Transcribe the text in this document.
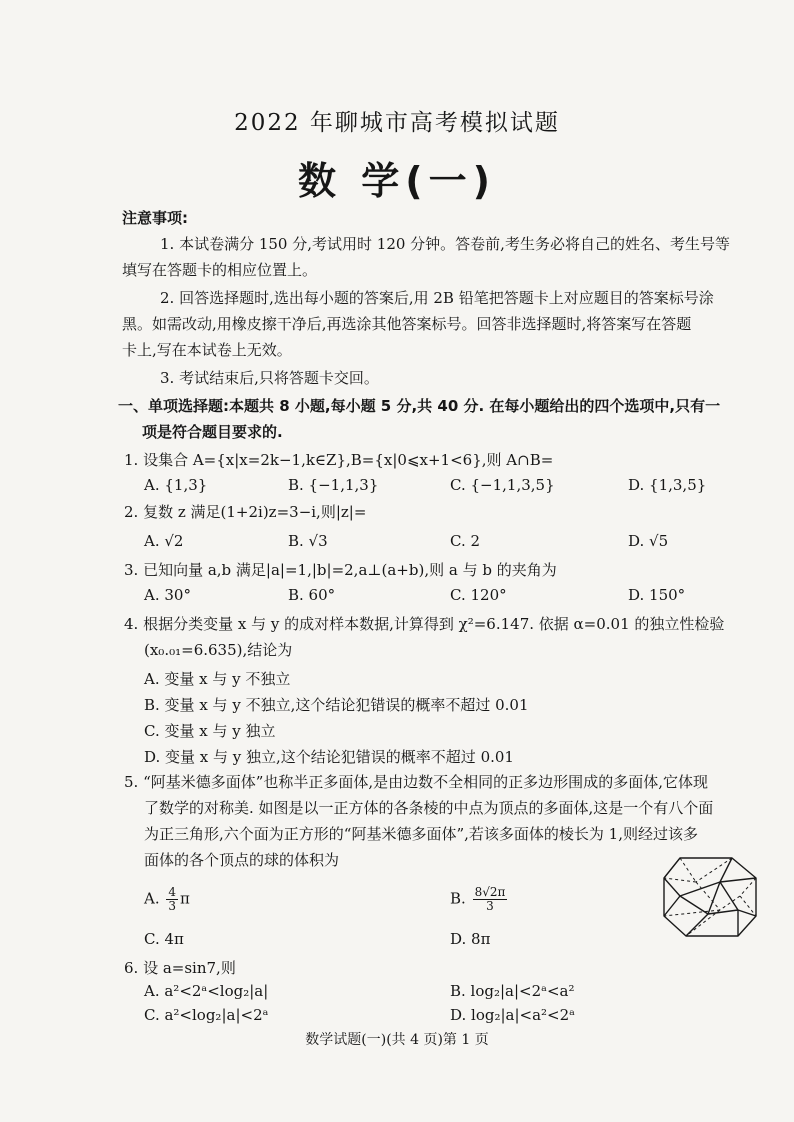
2022 年聊城市高考模拟试题
数 学(一)
注意事项:
1. 本试卷满分 150 分,考试用时 120 分钟。答卷前,考生务必将自己的姓名、考生号等
填写在答题卡的相应位置上。
2. 回答选择题时,选出每小题的答案后,用 2B 铅笔把答题卡上对应题目的答案标号涂
黑。如需改动,用橡皮擦干净后,再选涂其他答案标号。回答非选择题时,将答案写在答题
卡上,写在本试卷上无效。
3. 考试结束后,只将答题卡交回。
一、单项选择题:本题共 8 小题,每小题 5 分,共 40 分. 在每小题给出的四个选项中,只有一
项是符合题目要求的.
1. 设集合 A={x|x=2k−1,k∈Z},B={x|0⩽x+1<6},则 A∩B=
A. {1,3}	B. {−1,1,3}	C. {−1,1,3,5}	D. {1,3,5}
2. 复数 z 满足(1+2i)z=3−i,则|z|=
A. √2	B. √3	C. 2	D. √5
3. 已知向量 a,b 满足|a|=1,|b|=2,a⊥(a+b),则 a 与 b 的夹角为
A. 30°	B. 60°	C. 120°	D. 150°
4. 根据分类变量 x 与 y 的成对样本数据,计算得到 χ²=6.147. 依据 α=0.01 的独立性检验
(x₀.₀₁=6.635),结论为
A. 变量 x 与 y 不独立
B. 变量 x 与 y 不独立,这个结论犯错误的概率不超过 0.01
C. 变量 x 与 y 独立
D. 变量 x 与 y 独立,这个结论犯错误的概率不超过 0.01
5. “阿基米德多面体”也称半正多面体,是由边数不全相同的正多边形围成的多面体,它体现
了数学的对称美. 如图是以一正方体的各条棱的中点为顶点的多面体,这是一个有八个面
为正三角形,六个面为正方形的“阿基米德多面体”,若该多面体的棱长为 1,则经过该多
面体的各个顶点的球的体积为
A. $\frac{4}{3}$ π	B. $\frac{8√2\pi}{3}$
C. 4π	D. 8π
6. 设 a=sin7,则
A. a²<2ᵃ<log₂|a|	B. log₂|a|<2ᵃ<a²
C. a²<log₂|a|<2ᵃ	D. log₂|a|<a²<2ᵃ
数学试题(一)(共 4 页)第 1 页
